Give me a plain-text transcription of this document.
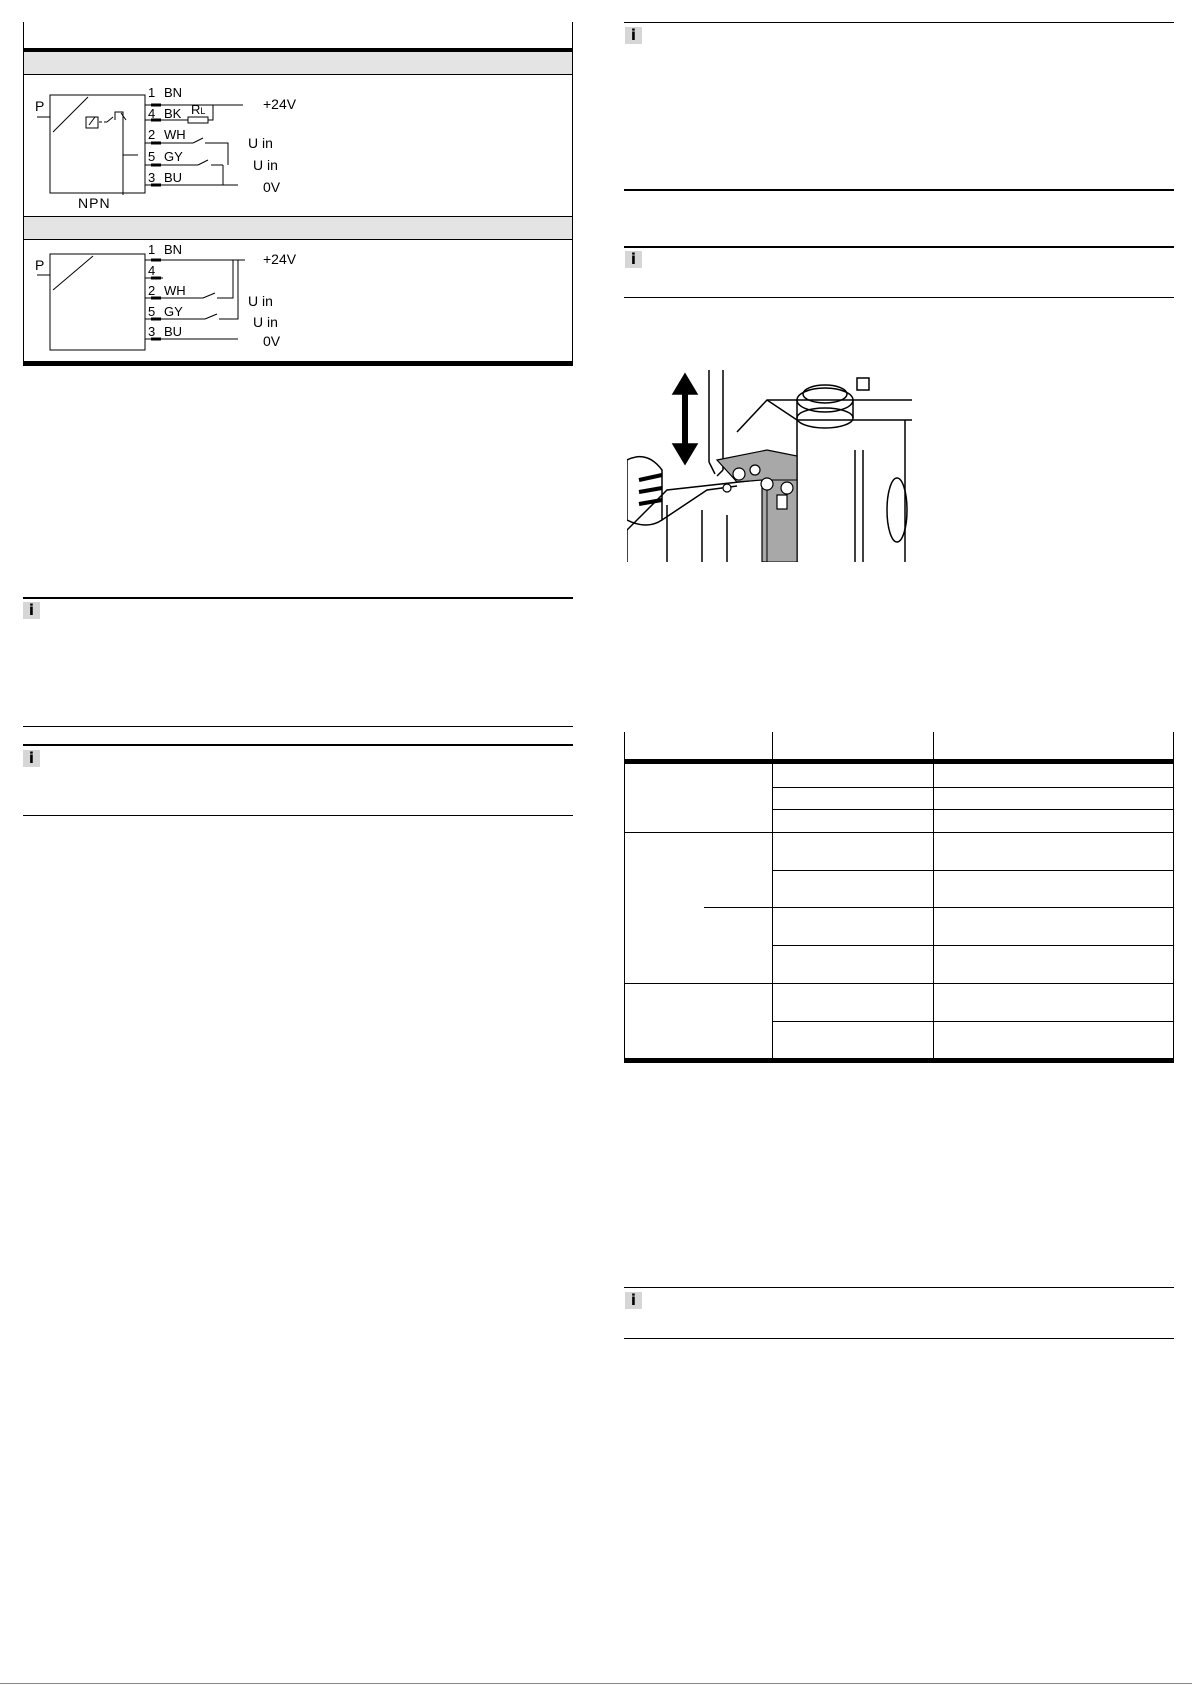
P
1 BN
4 BK RL
2 WH
5 GY
3 BU
+24V
U in
U in
0V
NPN
P
1 BN
4
2 WH
5 GY
3 BU
+24V
U in
U in
0V
i
i
i
i
i
